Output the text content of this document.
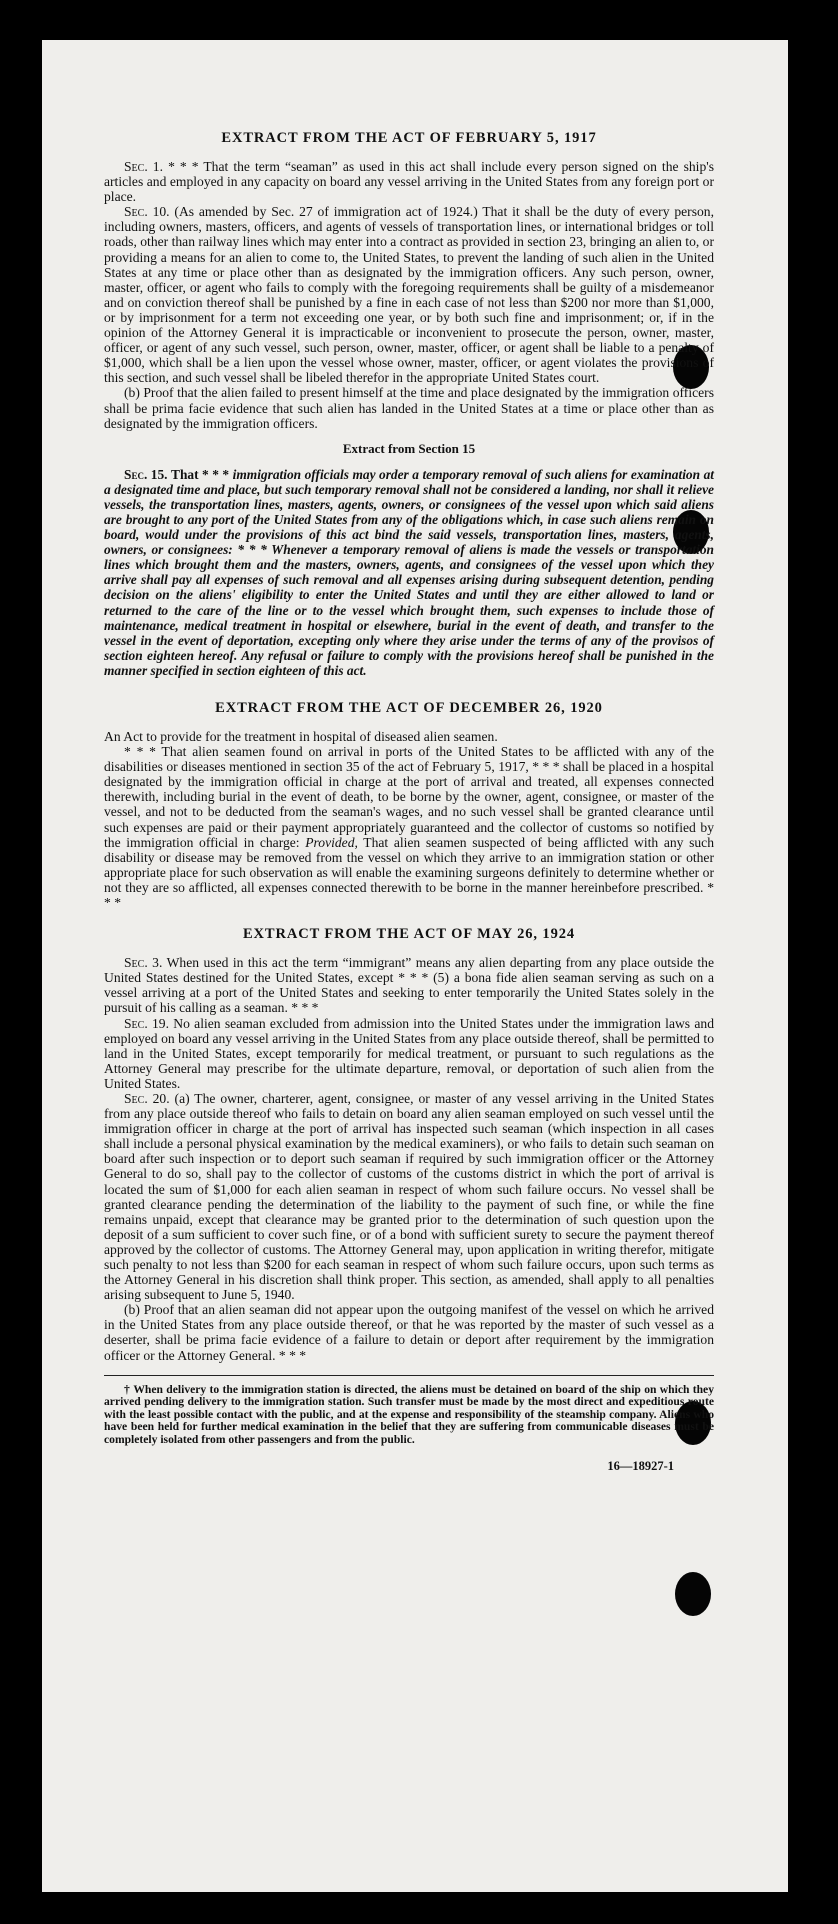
EXTRACT FROM THE ACT OF FEBRUARY 5, 1917

Sec. 1. * * * That the term “seaman” as used in this act shall include every person signed on the ship's articles and employed in any capacity on board any vessel arriving in the United States from any foreign port or place.

Sec. 10. (As amended by Sec. 27 of immigration act of 1924.) That it shall be the duty of every person, including owners, masters, officers, and agents of vessels of transportation lines, or international bridges or toll roads, other than railway lines which may enter into a contract as provided in section 23, bringing an alien to, or providing a means for an alien to come to, the United States, to prevent the landing of such alien in the United States at any time or place other than as designated by the immigration officers. Any such person, owner, master, officer, or agent who fails to comply with the foregoing requirements shall be guilty of a misdemeanor and on conviction thereof shall be punished by a fine in each case of not less than $200 nor more than $1,000, or by imprisonment for a term not exceeding one year, or by both such fine and imprisonment; or, if in the opinion of the Attorney General it is impracticable or inconvenient to prosecute the person, owner, master, officer, or agent of any such vessel, such person, owner, master, officer, or agent shall be liable to a penalty of $1,000, which shall be a lien upon the vessel whose owner, master, officer, or agent violates the provisions of this section, and such vessel shall be libeled therefor in the appropriate United States court.

(b) Proof that the alien failed to present himself at the time and place designated by the immigration officers shall be prima facie evidence that such alien has landed in the United States at a time or place other than as designated by the immigration officers.

Extract from Section 15

Sec. 15. That * * * immigration officials may order a temporary removal of such aliens for examination at a designated time and place, but such temporary removal shall not be considered a landing, nor shall it relieve vessels, the transportation lines, masters, agents, owners, or consignees of the vessel upon which said aliens are brought to any port of the United States from any of the obligations which, in case such aliens remain on board, would under the provisions of this act bind the said vessels, transportation lines, masters, agents, owners, or consignees: * * * Whenever a temporary removal of aliens is made the vessels or transportation lines which brought them and the masters, owners, agents, and consignees of the vessel upon which they arrive shall pay all expenses of such removal and all expenses arising during subsequent detention, pending decision on the aliens' eligibility to enter the United States and until they are either allowed to land or returned to the care of the line or to the vessel which brought them, such expenses to include those of maintenance, medical treatment in hospital or elsewhere, burial in the event of death, and transfer to the vessel in the event of deportation, excepting only where they arise under the terms of any of the provisos of section eighteen hereof. Any refusal or failure to comply with the provisions hereof shall be punished in the manner specified in section eighteen of this act.

EXTRACT FROM THE ACT OF DECEMBER 26, 1920

An Act to provide for the treatment in hospital of diseased alien seamen.

* * * That alien seamen found on arrival in ports of the United States to be afflicted with any of the disabilities or diseases mentioned in section 35 of the act of February 5, 1917, * * * shall be placed in a hospital designated by the immigration official in charge at the port of arrival and treated, all expenses connected therewith, including burial in the event of death, to be borne by the owner, agent, consignee, or master of the vessel, and not to be deducted from the seaman's wages, and no such vessel shall be granted clearance until such expenses are paid or their payment appropriately guaranteed and the collector of customs so notified by the immigration official in charge: Provided, That alien seamen suspected of being afflicted with any such disability or disease may be removed from the vessel on which they arrive to an immigration station or other appropriate place for such observation as will enable the examining surgeons definitely to determine whether or not they are so afflicted, all expenses connected therewith to be borne in the manner hereinbefore prescribed. * * *

EXTRACT FROM THE ACT OF MAY 26, 1924

Sec. 3. When used in this act the term “immigrant” means any alien departing from any place outside the United States destined for the United States, except * * * (5) a bona fide alien seaman serving as such on a vessel arriving at a port of the United States and seeking to enter temporarily the United States solely in the pursuit of his calling as a seaman. * * *

Sec. 19. No alien seaman excluded from admission into the United States under the immigration laws and employed on board any vessel arriving in the United States from any place outside thereof, shall be permitted to land in the United States, except temporarily for medical treatment, or pursuant to such regulations as the Attorney General may prescribe for the ultimate departure, removal, or deportation of such alien from the United States.

Sec. 20. (a) The owner, charterer, agent, consignee, or master of any vessel arriving in the United States from any place outside thereof who fails to detain on board any alien seaman employed on such vessel until the immigration officer in charge at the port of arrival has inspected such seaman (which inspection in all cases shall include a personal physical examination by the medical examiners), or who fails to detain such seaman on board after such inspection or to deport such seaman if required by such immigration officer or the Attorney General to do so, shall pay to the collector of customs of the customs district in which the port of arrival is located the sum of $1,000 for each alien seaman in respect of whom such failure occurs. No vessel shall be granted clearance pending the determination of the liability to the payment of such fine, or while the fine remains unpaid, except that clearance may be granted prior to the determination of such question upon the deposit of a sum sufficient to cover such fine, or of a bond with sufficient surety to secure the payment thereof approved by the collector of customs. The Attorney General may, upon application in writing therefor, mitigate such penalty to not less than $200 for each seaman in respect of whom such failure occurs, upon such terms as the Attorney General in his discretion shall think proper. This section, as amended, shall apply to all penalties arising subsequent to June 5, 1940.

(b) Proof that an alien seaman did not appear upon the outgoing manifest of the vessel on which he arrived in the United States from any place outside thereof, or that he was reported by the master of such vessel as a deserter, shall be prima facie evidence of a failure to detain or deport after requirement by the immigration officer or the Attorney General. * * *

† When delivery to the immigration station is directed, the aliens must be detained on board of the ship on which they arrived pending delivery to the immigration station. Such transfer must be made by the most direct and expeditious route with the least possible contact with the public, and at the expense and responsibility of the steamship company. Aliens who have been held for further medical examination in the belief that they are suffering from communicable diseases must be completely isolated from other passengers and from the public.

16—18927-1
